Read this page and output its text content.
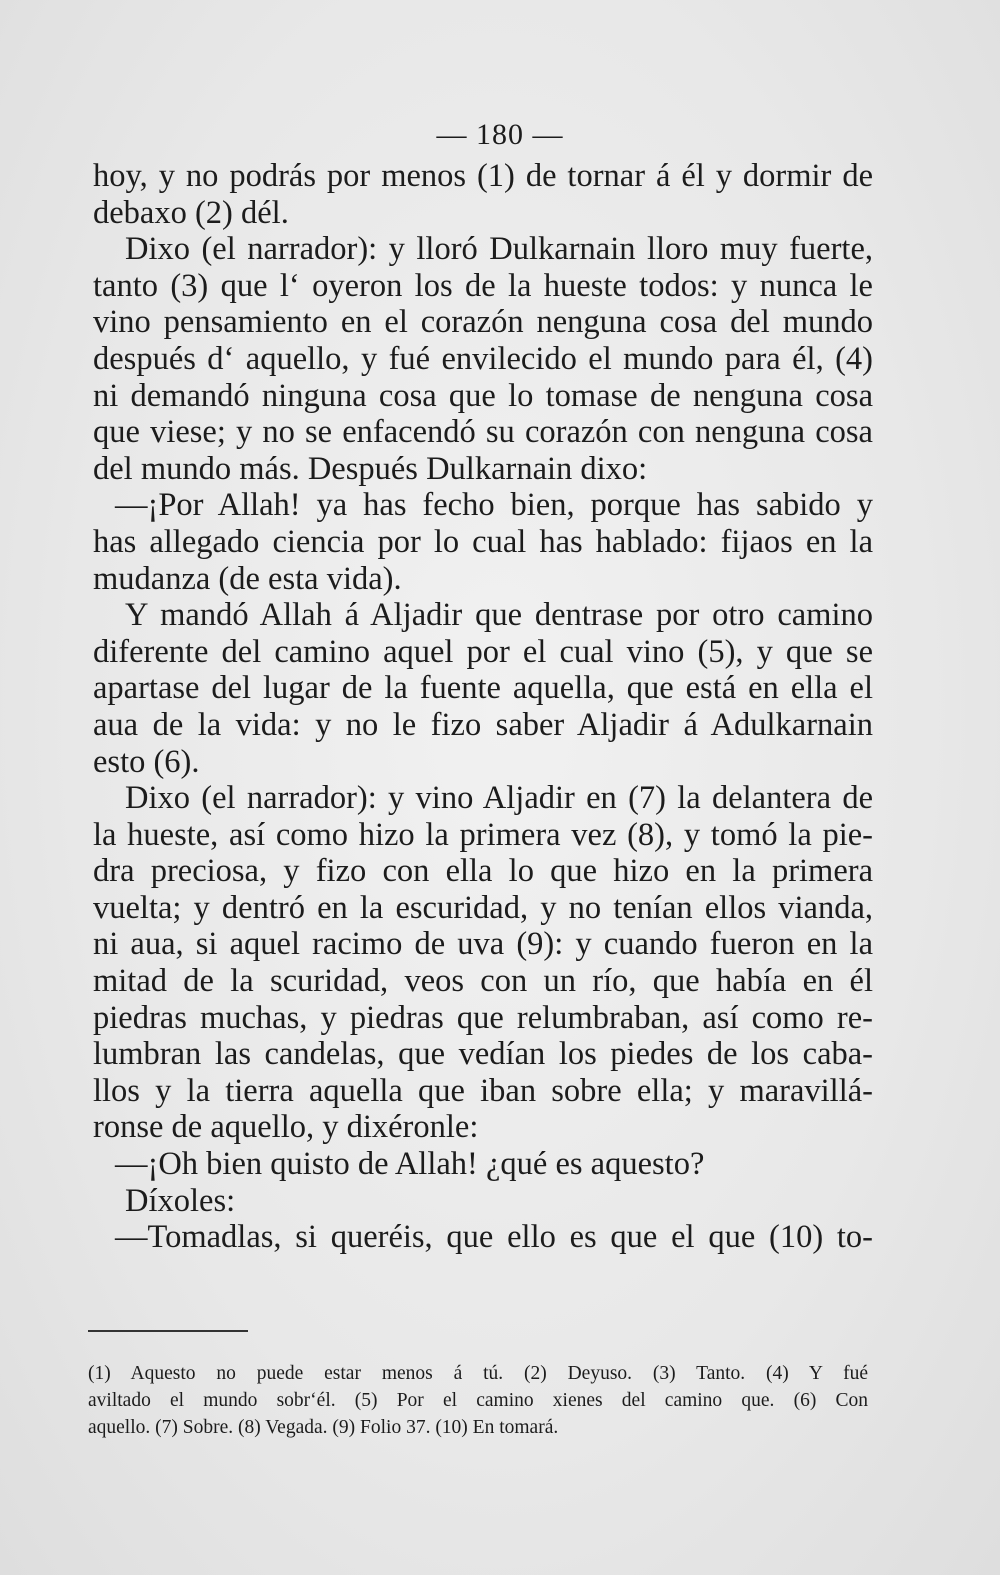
— 180 —
hoy, y no podrás por menos (1) de tornar á él y dormir de
debaxo (2) dél.
Dixo (el narrador): y lloró Dulkarnain lloro muy fuerte,
tanto (3) que l‘ oyeron los de la hueste todos: y nunca le
vino pensamiento en el corazón nenguna cosa del mundo
después d‘ aquello, y fué envilecido el mundo para él, (4)
ni demandó ninguna cosa que lo tomase de nenguna cosa
que viese; y no se enfacendó su corazón con nenguna cosa
del mundo más. Después Dulkarnain dixo:
—¡Por Allah! ya has fecho bien, porque has sabido y
has allegado ciencia por lo cual has hablado: fijaos en la
mudanza (de esta vida).
Y mandó Allah á Aljadir que dentrase por otro camino
diferente del camino aquel por el cual vino (5), y que se
apartase del lugar de la fuente aquella, que está en ella el
aua de la vida: y no le fizo saber Aljadir á Adulkarnain
esto (6).
Dixo (el narrador): y vino Aljadir en (7) la delantera de
la hueste, así como hizo la primera vez (8), y tomó la pie-
dra preciosa, y fizo con ella lo que hizo en la primera
vuelta; y dentró en la escuridad, y no tenían ellos vianda,
ni aua, si aquel racimo de uva (9): y cuando fueron en la
mitad de la scuridad, veos con un río, que había en él
piedras muchas, y piedras que relumbraban, así como re-
lumbran las candelas, que vedían los piedes de los caba-
llos y la tierra aquella que iban sobre ella; y maravillá-
ronse de aquello, y dixéronle:
—¡Oh bien quisto de Allah! ¿qué es aquesto?
Díxoles:
—Tomadlas, si queréis, que ello es que el que (10) to-
(1) Aquesto no puede estar menos á tú. (2) Deyuso. (3) Tanto. (4) Y fué
aviltado el mundo sobr‘él. (5) Por el camino xienes del camino que. (6) Con
aquello. (7) Sobre. (8) Vegada. (9) Folio 37. (10) En tomará.
